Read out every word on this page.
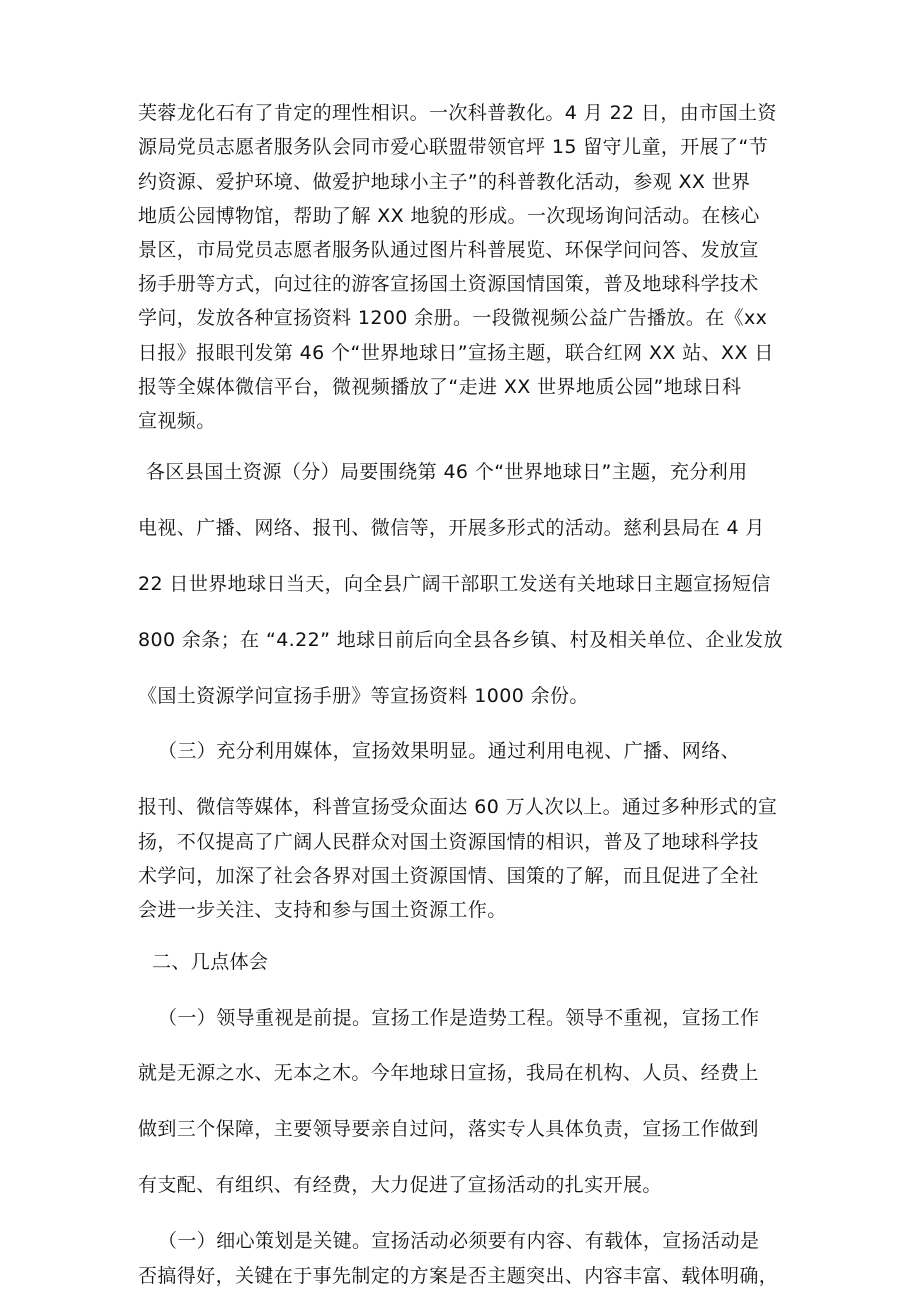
芙蓉龙化石有了肯定的理性相识。一次科普教化。4 月 22 日，由市国土资
源局党员志愿者服务队会同市爱心联盟带领官坪 15 留守儿童，开展了“节
约资源、爱护环境、做爱护地球小主子”的科普教化活动，参观 XX 世界
地质公园博物馆，帮助了解 XX 地貌的形成。一次现场询问活动。在核心
景区，市局党员志愿者服务队通过图片科普展览、环保学问问答、发放宣
扬手册等方式，向过往的游客宣扬国土资源国情国策，普及地球科学技术
学问，发放各种宣扬资料 1200 余册。一段微视频公益广告播放。在《xx
日报》报眼刊发第 46 个“世界地球日”宣扬主题，联合红网 XX 站、XX 日
报等全媒体微信平台，微视频播放了“走进 XX 世界地质公园”地球日科
宣视频。
各区县国土资源（分）局要围绕第 46 个“世界地球日”主题，充分利用
电视、广播、网络、报刊、微信等，开展多形式的活动。慈利县局在 4 月
22 日世界地球日当天，向全县广阔干部职工发送有关地球日主题宣扬短信
800 余条；在 “4.22” 地球日前后向全县各乡镇、村及相关单位、企业发放
《国土资源学问宣扬手册》等宣扬资料 1000 余份。
（三）充分利用媒体，宣扬效果明显。通过利用电视、广播、网络、
报刊、微信等媒体，科普宣扬受众面达 60 万人次以上。通过多种形式的宣
扬，不仅提高了广阔人民群众对国土资源国情的相识，普及了地球科学技
术学问，加深了社会各界对国土资源国情、国策的了解，而且促进了全社
会进一步关注、支持和参与国土资源工作。
二、几点体会
（一）领导重视是前提。宣扬工作是造势工程。领导不重视，宣扬工作
就是无源之水、无本之木。今年地球日宣扬，我局在机构、人员、经费上
做到三个保障，主要领导要亲自过问，落实专人具体负责，宣扬工作做到
有支配、有组织、有经费，大力促进了宣扬活动的扎实开展。
（一）细心策划是关键。宣扬活动必须要有内容、有载体，宣扬活动是
否搞得好，关键在于事先制定的方案是否主题突出、内容丰富、载体明确，
